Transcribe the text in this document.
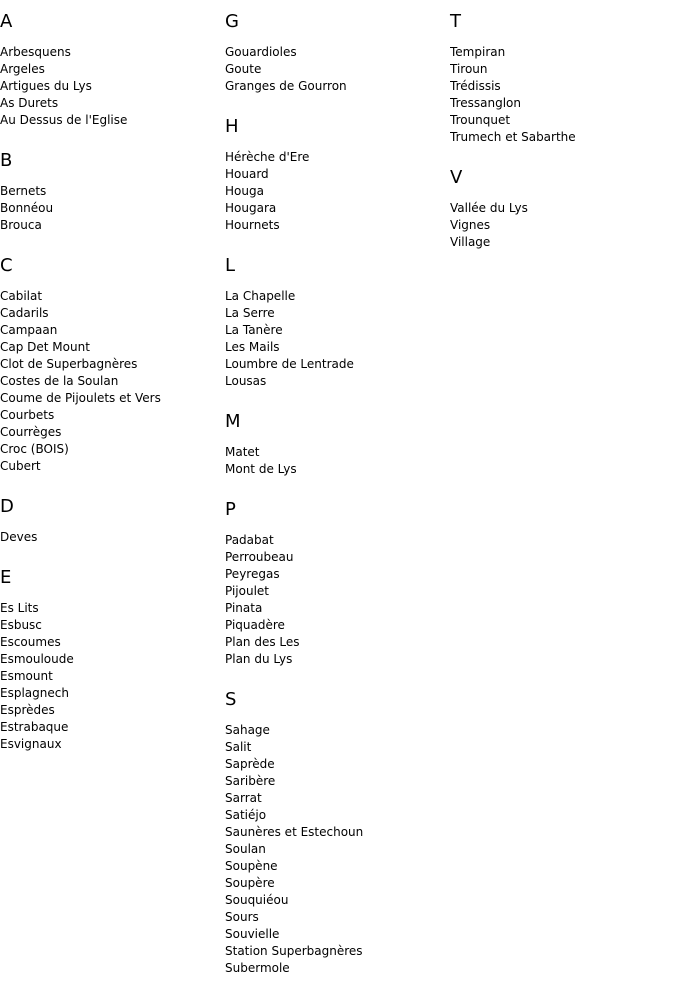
A
Arbesquens
Argeles
Artigues du Lys
As Durets
Au Dessus de l'Eglise
B
Bernets
Bonnéou
Brouca
C
Cabilat
Cadarils
Campaan
Cap Det Mount
Clot de Superbagnères
Costes de la Soulan
Coume de Pijoulets et Vers
Courbets
Courrèges
Croc (BOIS)
Cubert
D
Deves
E
Es Lits
Esbusc
Escoumes
Esmouloude
Esmount
Esplagnech
Esprèdes
Estrabaque
Esvignaux
G
Gouardioles
Goute
Granges de Gourron
H
Hérèche d'Ere
Houard
Houga
Hougara
Hournets
L
La Chapelle
La Serre
La Tanère
Les Mails
Loumbre de Lentrade
Lousas
M
Matet
Mont de Lys
P
Padabat
Perroubeau
Peyregas
Pijoulet
Pinata
Piquadère
Plan des Les
Plan du Lys
S
Sahage
Salit
Saprède
Saribère
Sarrat
Satiéjo
Saunères et Estechoun
Soulan
Soupène
Soupère
Souquiéou
Sours
Souvielle
Station Superbagnères
Subermole
T
Tempiran
Tiroun
Trédissis
Tressanglon
Trounquet
Trumech et Sabarthe
V
Vallée du Lys
Vignes
Village
